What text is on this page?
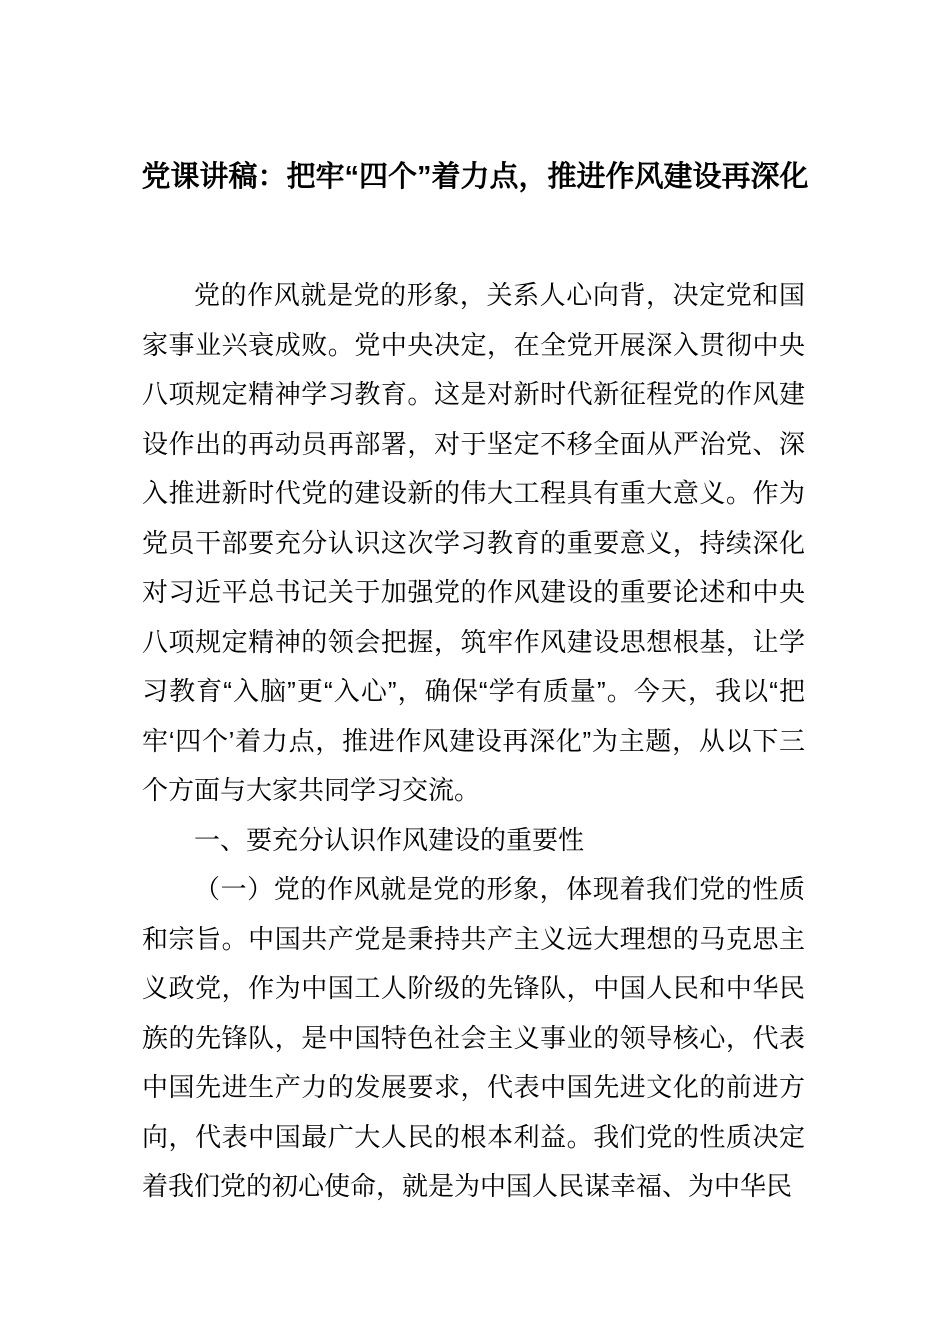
党课讲稿：把牢“四个”着力点，推进作风建设再深化

党的作风就是党的形象，关系人心向背，决定党和国家事业兴衰成败。党中央决定，在全党开展深入贯彻中央八项规定精神学习教育。这是对新时代新征程党的作风建设作出的再动员再部署，对于坚定不移全面从严治党、深入推进新时代党的建设新的伟大工程具有重大意义。作为党员干部要充分认识这次学习教育的重要意义，持续深化对习近平总书记关于加强党的作风建设的重要论述和中央八项规定精神的领会把握，筑牢作风建设思想根基，让学习教育“入脑”更“入心”，确保“学有质量”。今天，我以“把牢‘四个’着力点，推进作风建设再深化”为主题，从以下三个方面与大家共同学习交流。

一、要充分认识作风建设的重要性

（一）党的作风就是党的形象，体现着我们党的性质和宗旨。中国共产党是秉持共产主义远大理想的马克思主义政党，作为中国工人阶级的先锋队，中国人民和中华民族的先锋队，是中国特色社会主义事业的领导核心，代表中国先进生产力的发展要求，代表中国先进文化的前进方向，代表中国最广大人民的根本利益。我们党的性质决定着我们党的初心使命，就是为中国人民谋幸福、为中华民
